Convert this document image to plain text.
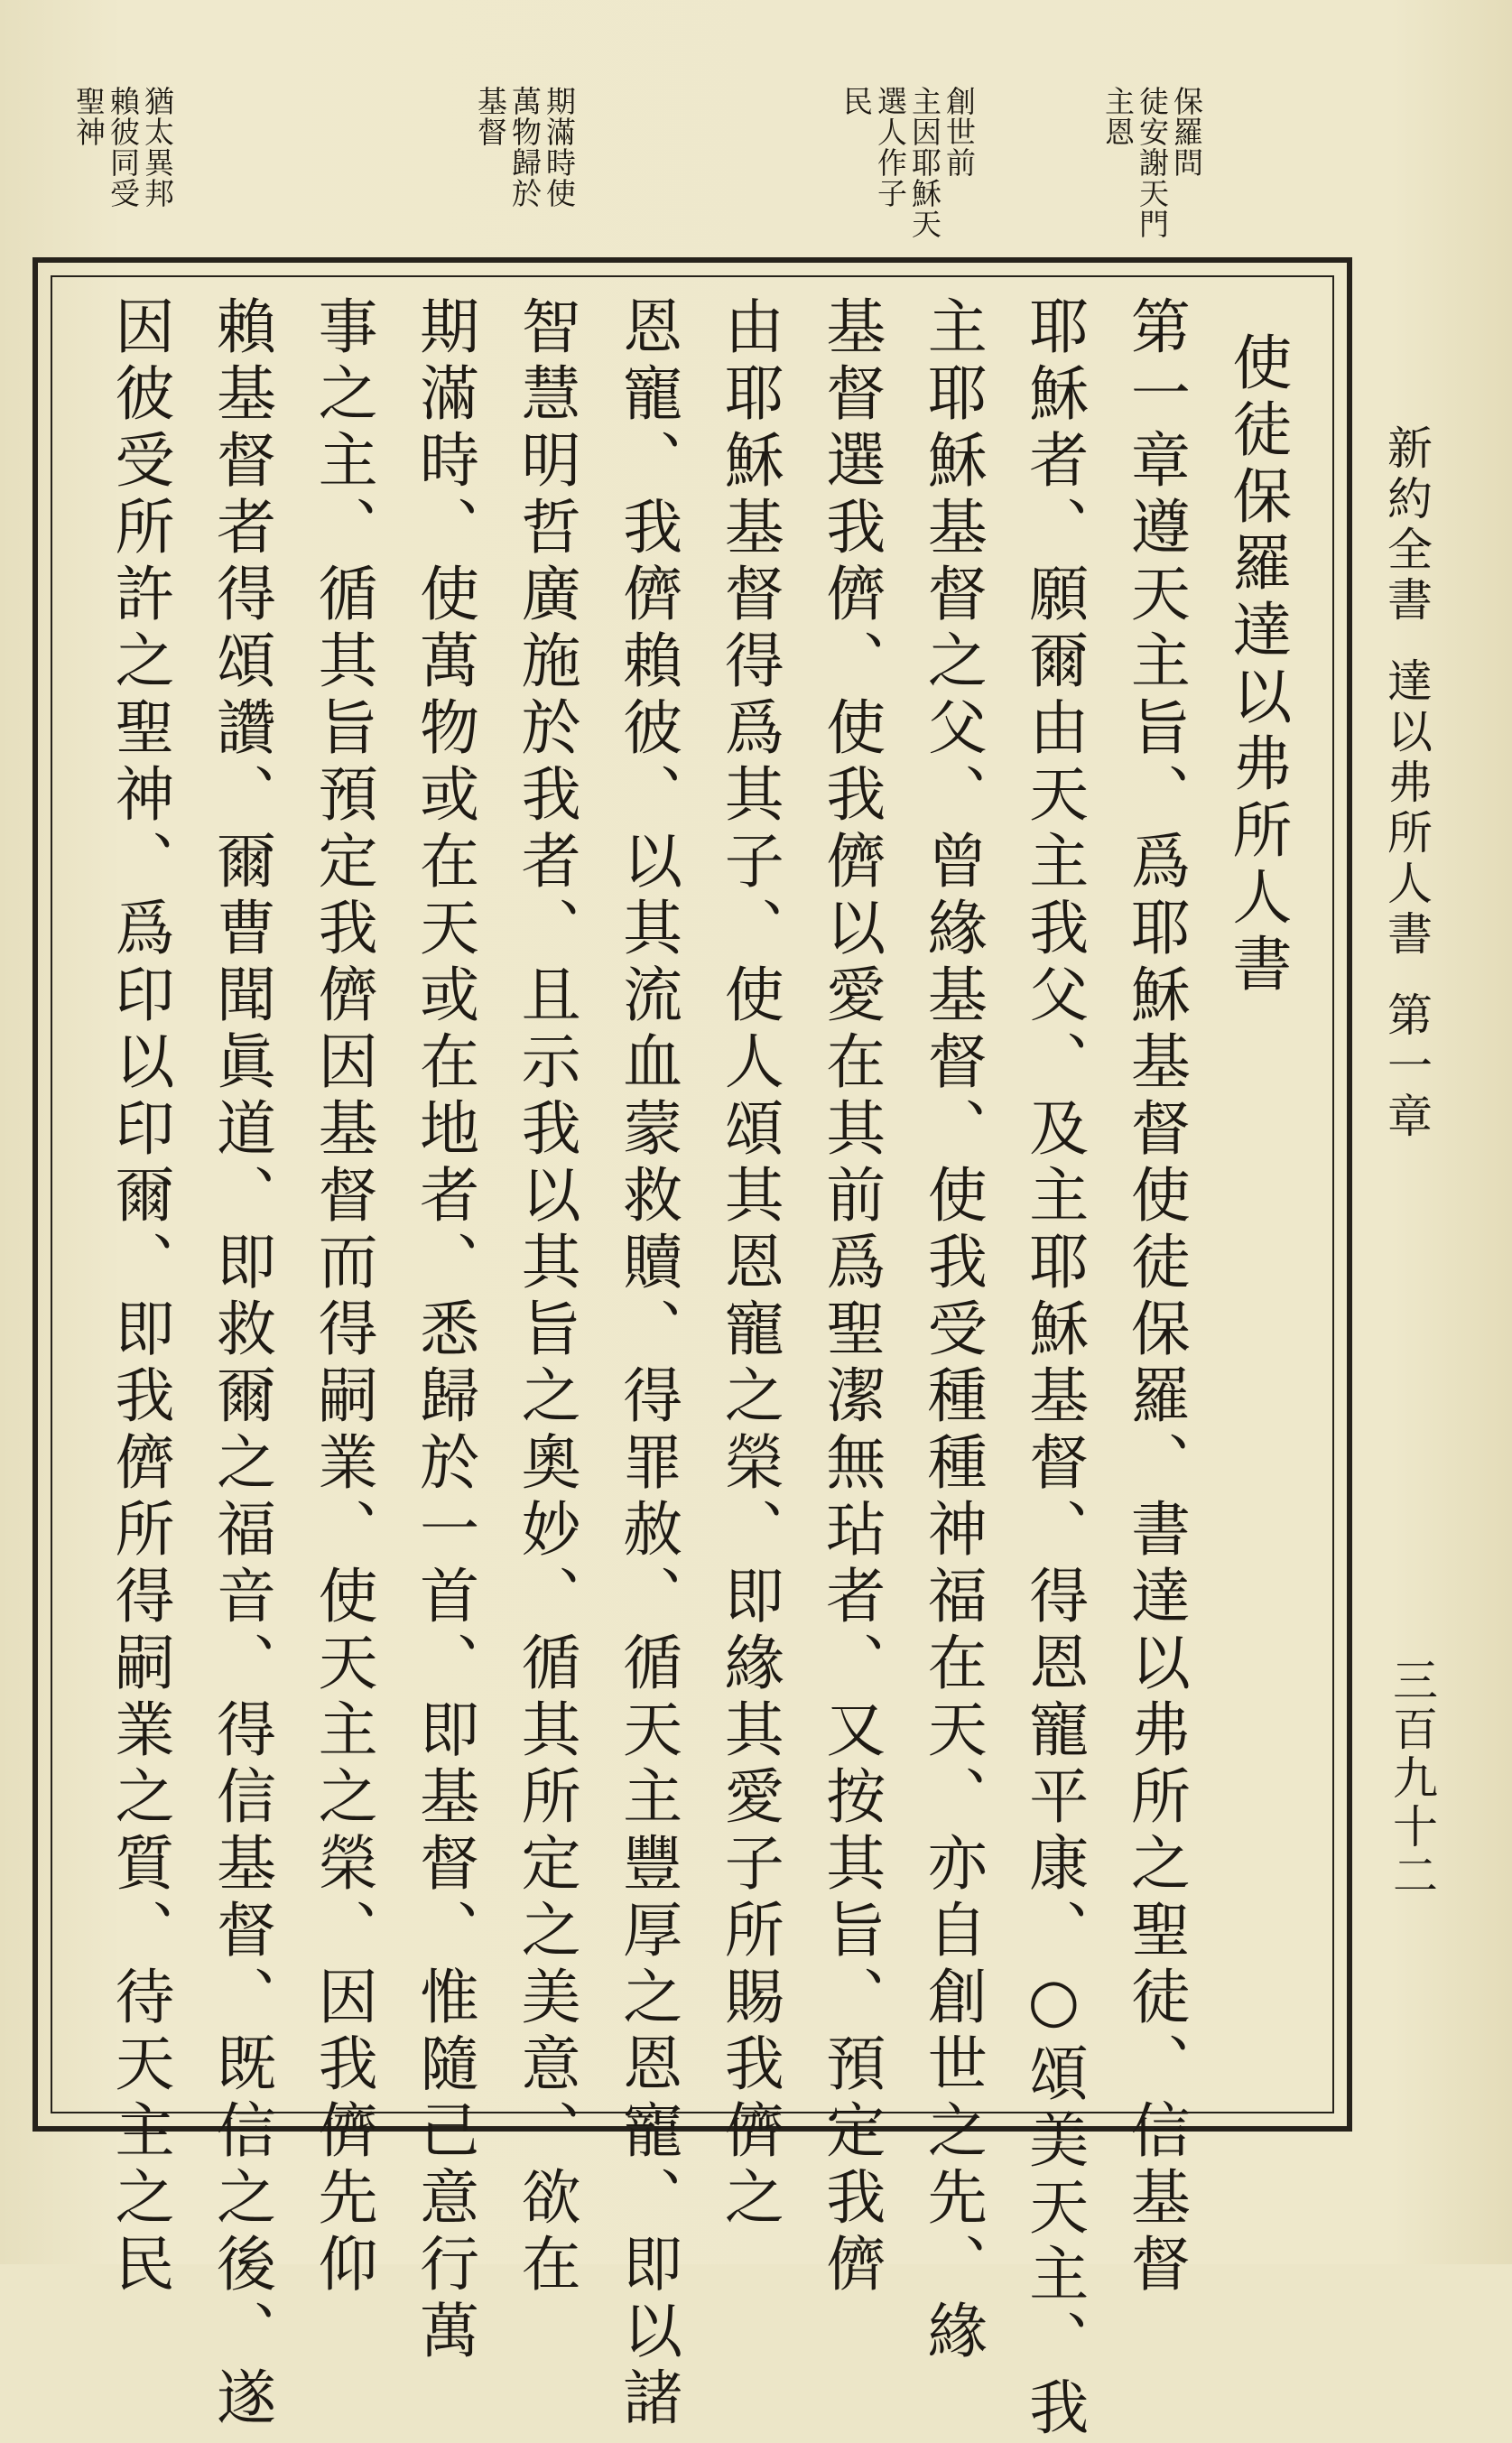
保羅問
徒安謝天門
主恩
創世前
主因耶穌天
選人作子
民
期滿時使
萬物歸於
基督
猶太異邦
賴彼同受
聖神
新約全書
達以弗所人書
第一章
三百九十二
使徒保羅達以弗所人書
第一章遵天主旨、爲耶穌基督使徒保羅、書達以弗所之聖徒、信基督
耶穌者、願爾由天主我父、及主耶穌基督、得恩寵平康、○頌美天主、我
主耶穌基督之父、曾緣基督、使我受種種神福在天、亦自創世之先、緣
基督選我儕、使我儕以愛在其前爲聖潔無玷者、又按其旨、預定我儕
由耶穌基督得爲其子、使人頌其恩寵之榮、即緣其愛子所賜我儕之
恩寵、我儕賴彼、以其流血蒙救贖、得罪赦、循天主豐厚之恩寵、即以諸
智慧明哲廣施於我者、且示我以其旨之奧妙、循其所定之美意、欲在
期滿時、使萬物或在天或在地者、悉歸於一首、即基督、惟隨己意行萬
事之主、循其旨預定我儕因基督而得嗣業、使天主之榮、因我儕先仰
賴基督者得頌讚、爾曹聞眞道、即救爾之福音、得信基督、既信之後、遂
因彼受所許之聖神、爲印以印爾、即我儕所得嗣業之質、待天主之民
